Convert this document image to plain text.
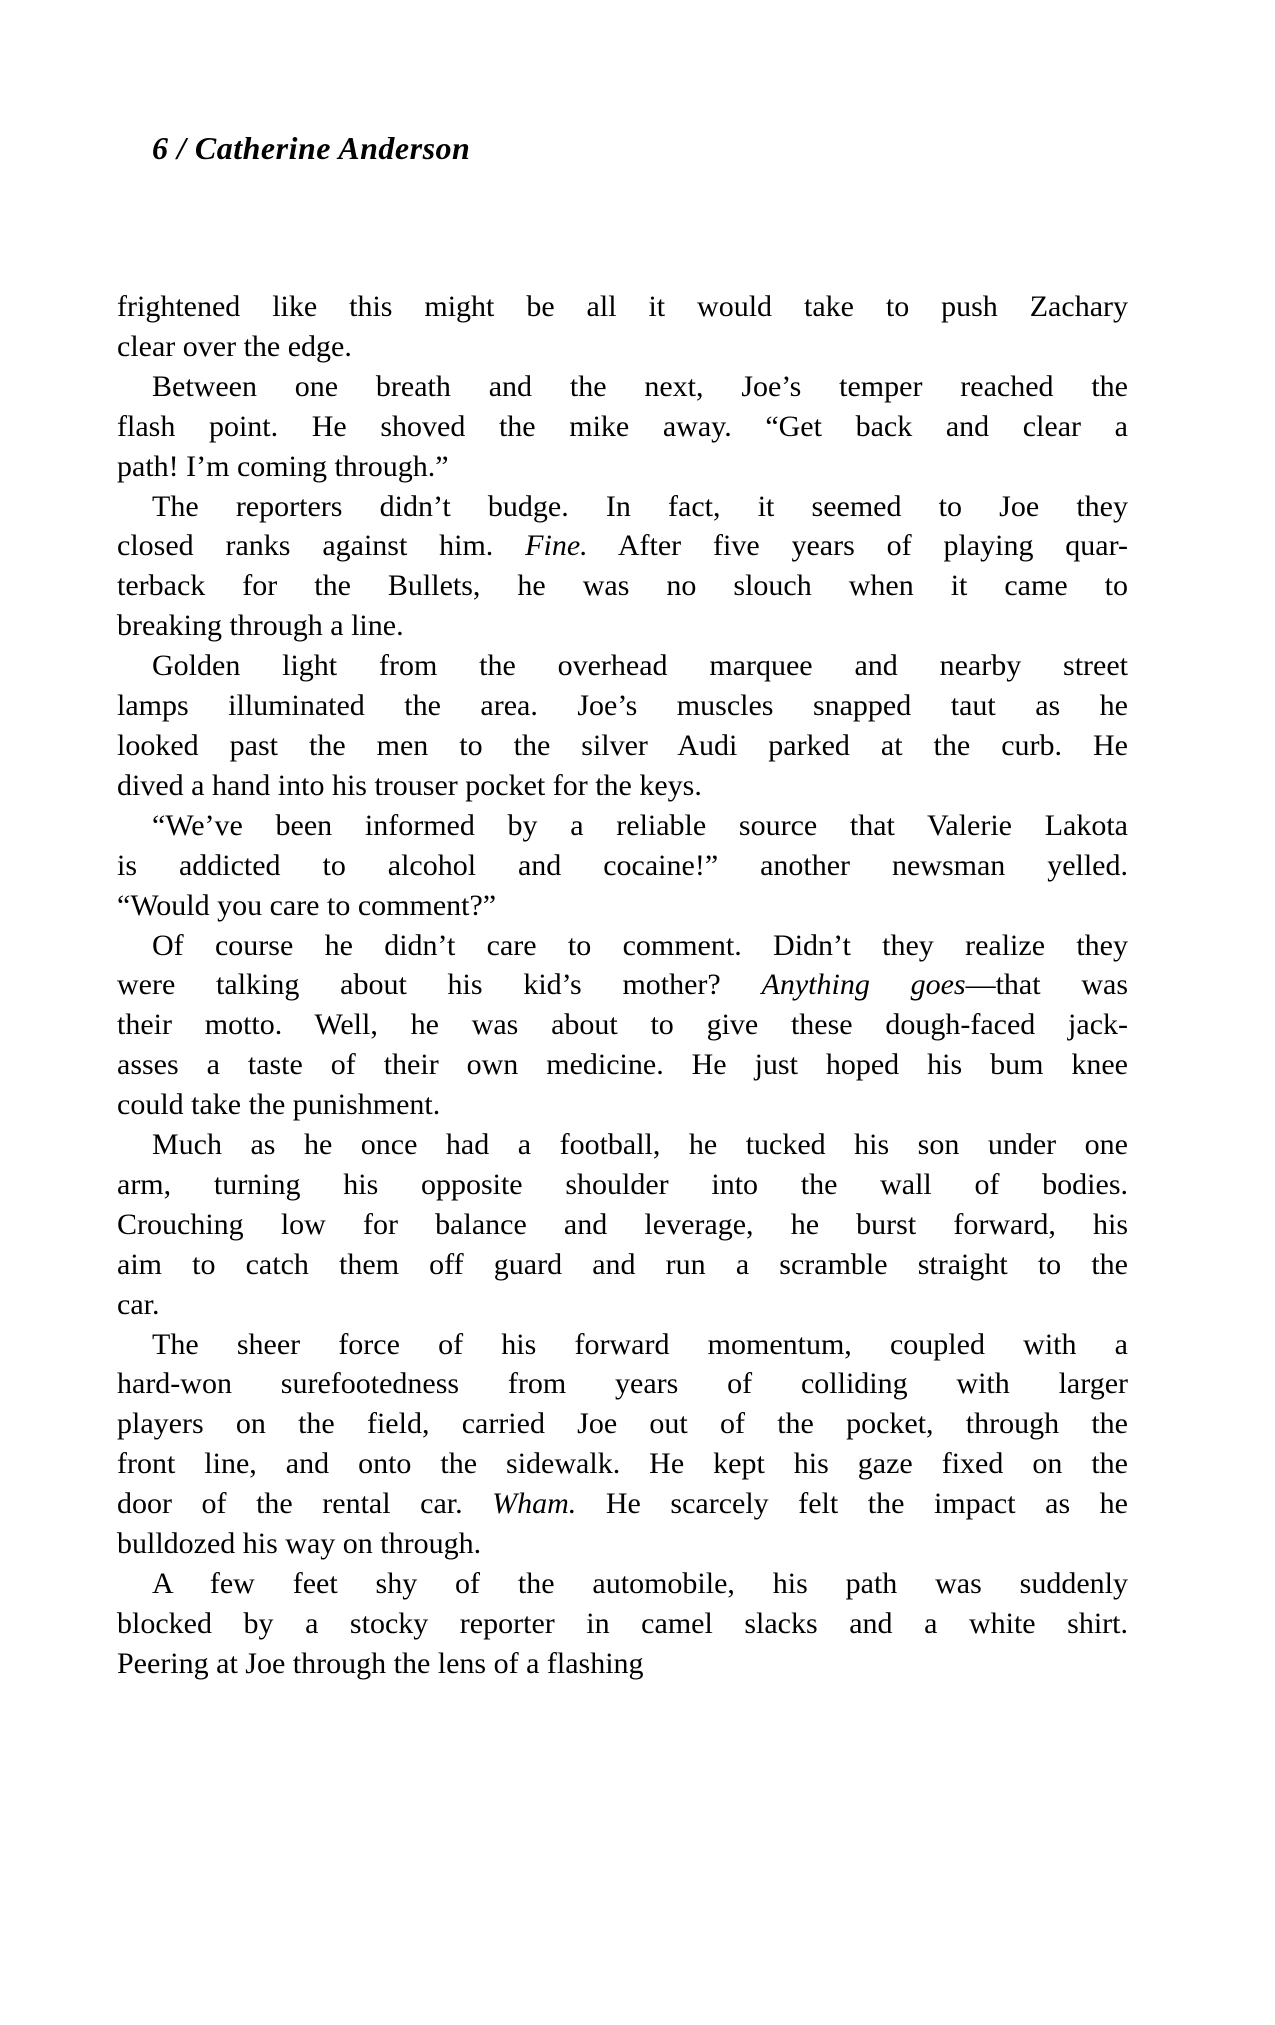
6 / Catherine Anderson
frightened like this might be all it would take to push Zachary
clear over the edge.
Between one breath and the next, Joe’s temper reached the
flash point. He shoved the mike away. “Get back and clear a
path! I’m coming through.”
The reporters didn’t budge. In fact, it seemed to Joe they
closed ranks against him. Fine. After five years of playing quar-
terback for the Bullets, he was no slouch when it came to
breaking through a line.
Golden light from the overhead marquee and nearby street
lamps illuminated the area. Joe’s muscles snapped taut as he
looked past the men to the silver Audi parked at the curb. He
dived a hand into his trouser pocket for the keys.
“We’ve been informed by a reliable source that Valerie Lakota
is addicted to alcohol and cocaine!” another newsman yelled.
“Would you care to comment?”
Of course he didn’t care to comment. Didn’t they realize they
were talking about his kid’s mother? Anything goes—that was
their motto. Well, he was about to give these dough-faced jack-
asses a taste of their own medicine. He just hoped his bum knee
could take the punishment.
Much as he once had a football, he tucked his son under one
arm, turning his opposite shoulder into the wall of bodies.
Crouching low for balance and leverage, he burst forward, his
aim to catch them off guard and run a scramble straight to the
car.
The sheer force of his forward momentum, coupled with a
hard-won surefootedness from years of colliding with larger
players on the field, carried Joe out of the pocket, through the
front line, and onto the sidewalk. He kept his gaze fixed on the
door of the rental car. Wham. He scarcely felt the impact as he
bulldozed his way on through.
A few feet shy of the automobile, his path was suddenly
blocked by a stocky reporter in camel slacks and a white shirt.
Peering at Joe through the lens of a flashing
